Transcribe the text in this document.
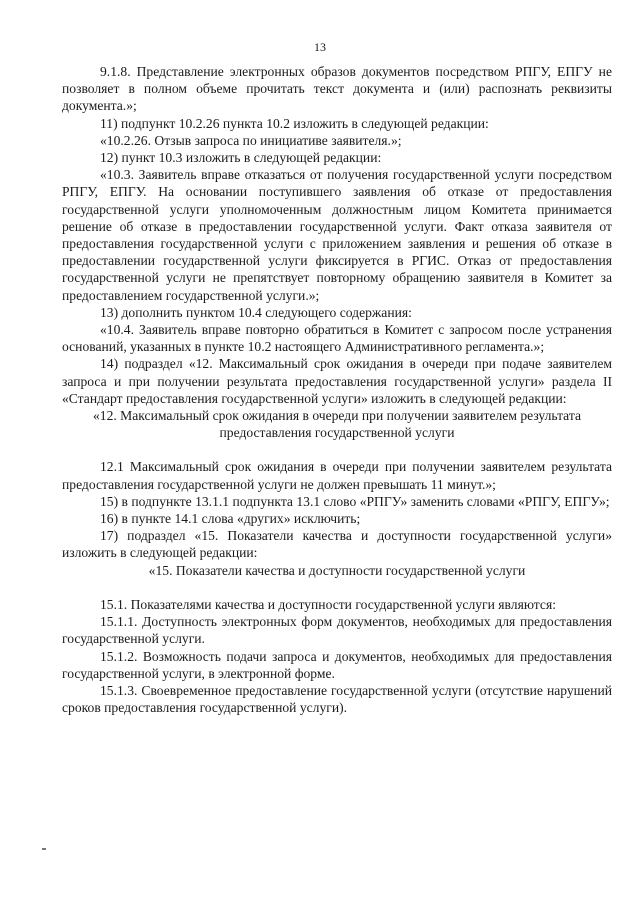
13

9.1.8. Представление электронных образов документов посредством РПГУ, ЕПГУ не позволяет в полном объеме прочитать текст документа и (или) распознать реквизиты документа.»;

11) подпункт 10.2.26 пункта 10.2 изложить в следующей редакции:

«10.2.26. Отзыв запроса по инициативе заявителя.»;

12) пункт 10.3 изложить в следующей редакции:

«10.3. Заявитель вправе отказаться от получения государственной услуги посредством РПГУ, ЕПГУ. На основании поступившего заявления об отказе от предоставления государственной услуги уполномоченным должностным лицом Комитета принимается решение об отказе в предоставлении государственной услуги. Факт отказа заявителя от предоставления государственной услуги с приложением заявления и решения об отказе в предоставлении государственной услуги фиксируется в РГИС. Отказ от предоставления государственной услуги не препятствует повторному обращению заявителя в Комитет за предоставлением государственной услуги.»;

13) дополнить пунктом 10.4 следующего содержания:

«10.4. Заявитель вправе повторно обратиться в Комитет с запросом после устранения оснований, указанных в пункте 10.2 настоящего Административного регламента.»;

14) подраздел «12. Максимальный срок ожидания в очереди при подаче заявителем запроса и при получении результата предоставления государственной услуги» раздела II «Стандарт предоставления государственной услуги» изложить в следующей редакции:

«12. Максимальный срок ожидания в очереди при получении заявителем результата предоставления государственной услуги

12.1 Максимальный срок ожидания в очереди при получении заявителем результата предоставления государственной услуги не должен превышать 11 минут.»;

15) в подпункте 13.1.1 подпункта 13.1 слово «РПГУ» заменить словами «РПГУ, ЕПГУ»;

16) в пункте 14.1 слова «других» исключить;

17) подраздел «15. Показатели качества и доступности государственной услуги» изложить в следующей редакции:

«15. Показатели качества и доступности государственной услуги

15.1. Показателями качества и доступности государственной услуги являются:

15.1.1. Доступность электронных форм документов, необходимых для предоставления государственной услуги.

15.1.2. Возможность подачи запроса и документов, необходимых для предоставления государственной услуги, в электронной форме.

15.1.3. Своевременное предоставление государственной услуги (отсутствие нарушений сроков предоставления государственной услуги).
